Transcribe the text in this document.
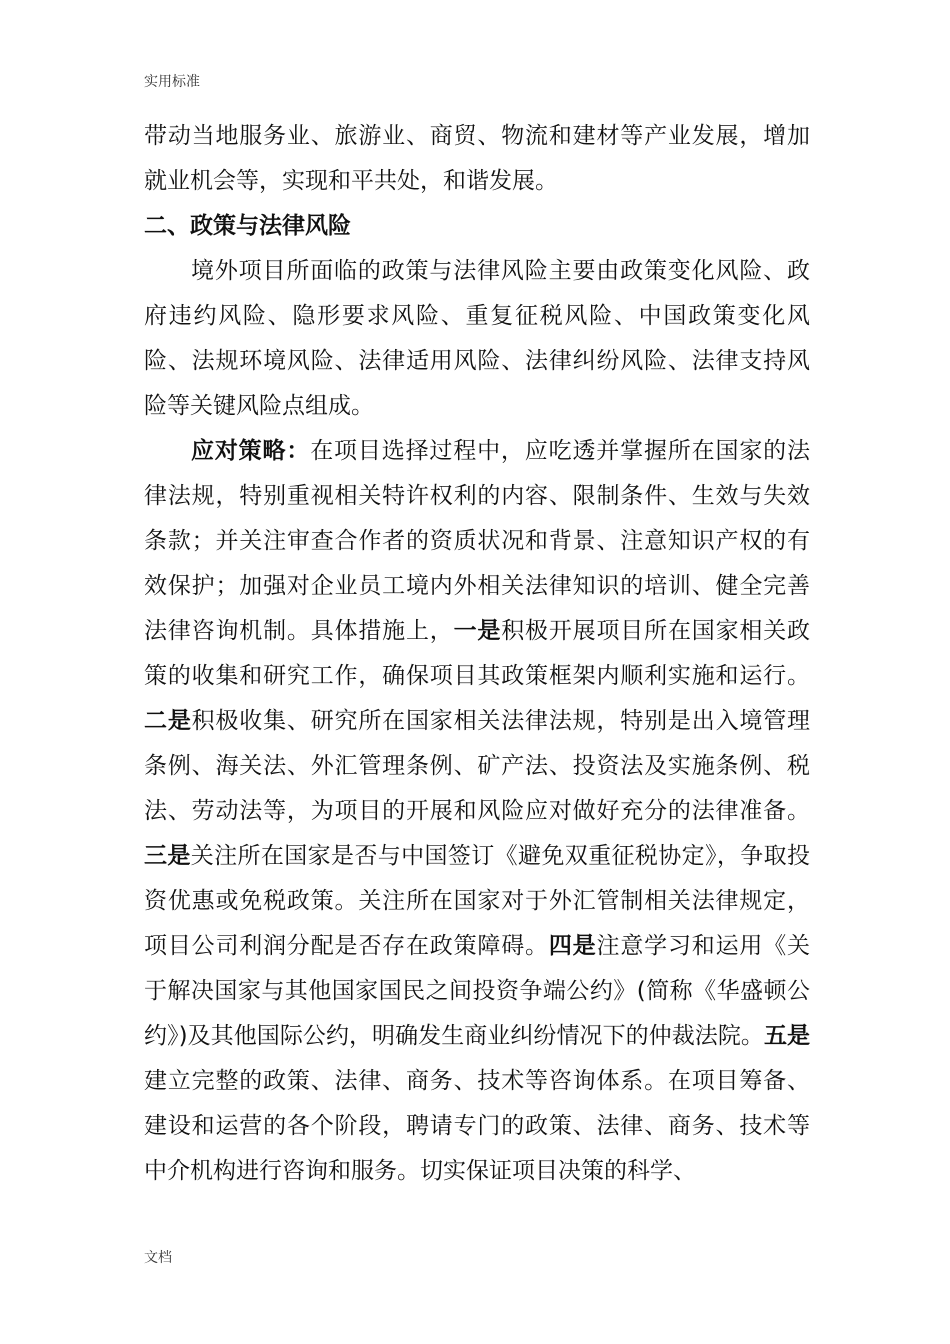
实用标准

带动当地服务业、旅游业、商贸、物流和建材等产业发展，增加就业机会等，实现和平共处，和谐发展。

二、政策与法律风险

境外项目所面临的政策与法律风险主要由政策变化风险、政府违约风险、隐形要求风险、重复征税风险、中国政策变化风险、法规环境风险、法律适用风险、法律纠纷风险、法律支持风险等关键风险点组成。

应对策略：在项目选择过程中，应吃透并掌握所在国家的法律法规，特别重视相关特许权利的内容、限制条件、生效与失效条款；并关注审查合作者的资质状况和背景、注意知识产权的有效保护；加强对企业员工境内外相关法律知识的培训、健全完善法律咨询机制。具体措施上，一是积极开展项目所在国家相关政策的收集和研究工作，确保项目其政策框架内顺利实施和运行。二是积极收集、研究所在国家相关法律法规，特别是出入境管理条例、海关法、外汇管理条例、矿产法、投资法及实施条例、税法、劳动法等，为项目的开展和风险应对做好充分的法律准备。三是关注所在国家是否与中国签订《避免双重征税协定》，争取投资优惠或免税政策。关注所在国家对于外汇管制相关法律规定，项目公司利润分配是否存在政策障碍。四是注意学习和运用《关于解决国家与其他国家国民之间投资争端公约》(简称《华盛顿公约》)及其他国际公约，明确发生商业纠纷情况下的仲裁法院。五是建立完整的政策、法律、商务、技术等咨询体系。在项目筹备、建设和运营的各个阶段，聘请专门的政策、法律、商务、技术等中介机构进行咨询和服务。切实保证项目决策的科学、

文档
